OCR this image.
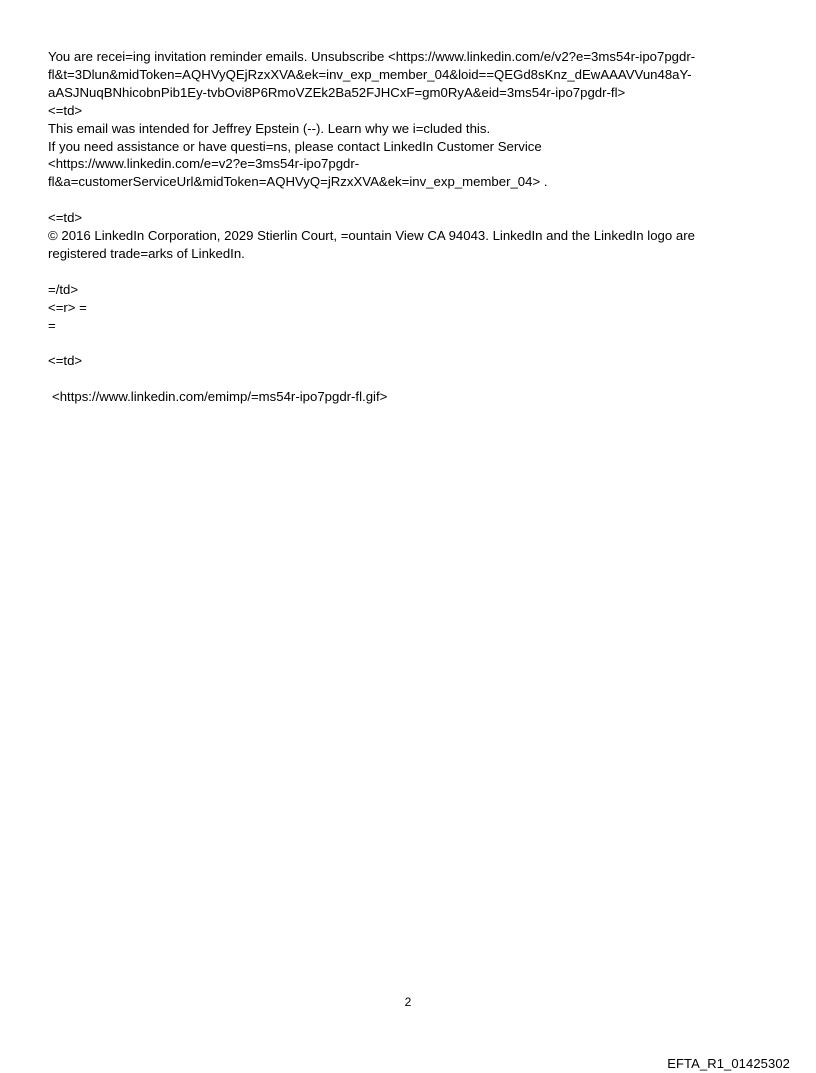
You are recei=ing invitation reminder emails. Unsubscribe <https://www.linkedin.com/e/v2?e=3ms54r-ipo7pgdr-
fl&t=3Dlun&midToken=AQHVyQEjRzxXVA&ek=inv_exp_member_04&loid==QEGd8sKnz_dEwAAAVVun48aY-
aASJNuqBNhicobnPib1Ey-tvbOvi8P6RmoVZEk2Ba52FJHCxF=gm0RyA&eid=3ms54r-ipo7pgdr-fl>
<=td>
This email was intended for Jeffrey Epstein (--). Learn why we i=cluded this.
If you need assistance or have questi=ns, please contact LinkedIn Customer Service
<https://www.linkedin.com/e=v2?e=3ms54r-ipo7pgdr-
fl&a=customerServiceUrl&midToken=AQHVyQ=jRzxXVA&ek=inv_exp_member_04> .
<=td>
© 2016 LinkedIn Corporation, 2029 Stierlin Court, =ountain View CA 94043. LinkedIn and the LinkedIn logo are
registered trade=arks of LinkedIn.
=/td>
<=r> =
=
<=td>
<https://www.linkedin.com/emimp/=ms54r-ipo7pgdr-fl.gif>
2
EFTA_R1_01425302
